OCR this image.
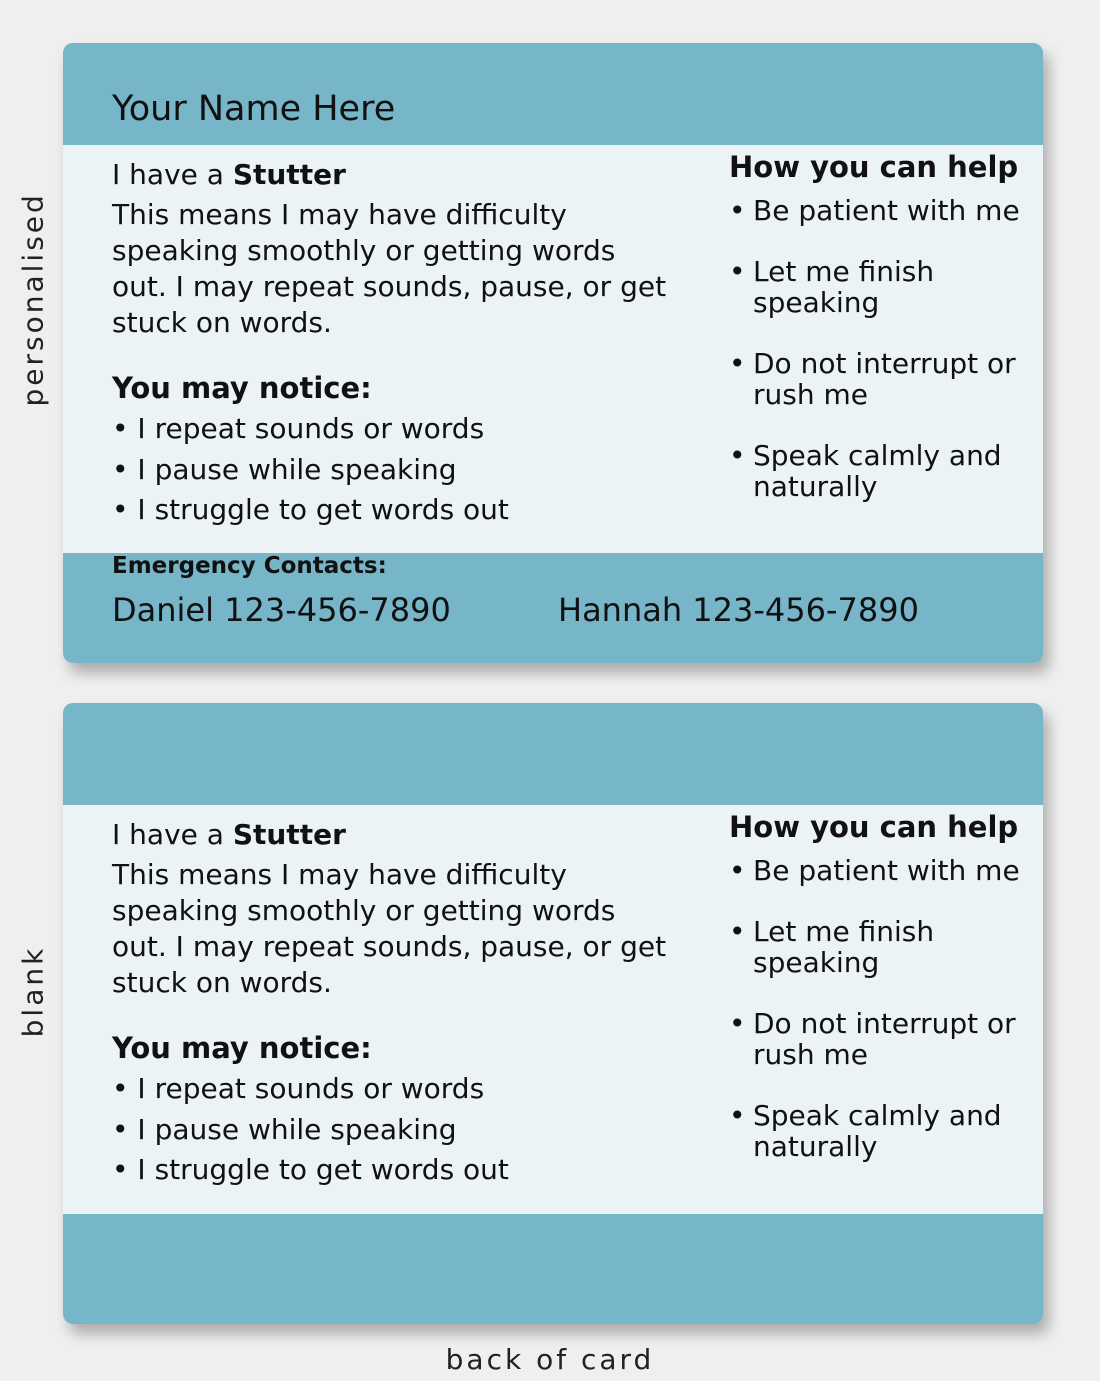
personalised
blank
Your Name Here
I have a Stutter
This means I may have difficulty speaking smoothly or getting words out. I may repeat sounds, pause, or get stuck on words.
You may notice:
• I repeat sounds or words
• I pause while speaking
• I struggle to get words out
How you can help
• Be patient with me
• Let me finish speaking
• Do not interrupt or rush me
• Speak calmly and naturally
Emergency Contacts:
Daniel 123-456-7890	Hannah 123-456-7890
I have a Stutter
This means I may have difficulty speaking smoothly or getting words out. I may repeat sounds, pause, or get stuck on words.
You may notice:
• I repeat sounds or words
• I pause while speaking
• I struggle to get words out
How you can help
• Be patient with me
• Let me finish speaking
• Do not interrupt or rush me
• Speak calmly and naturally
back of card
